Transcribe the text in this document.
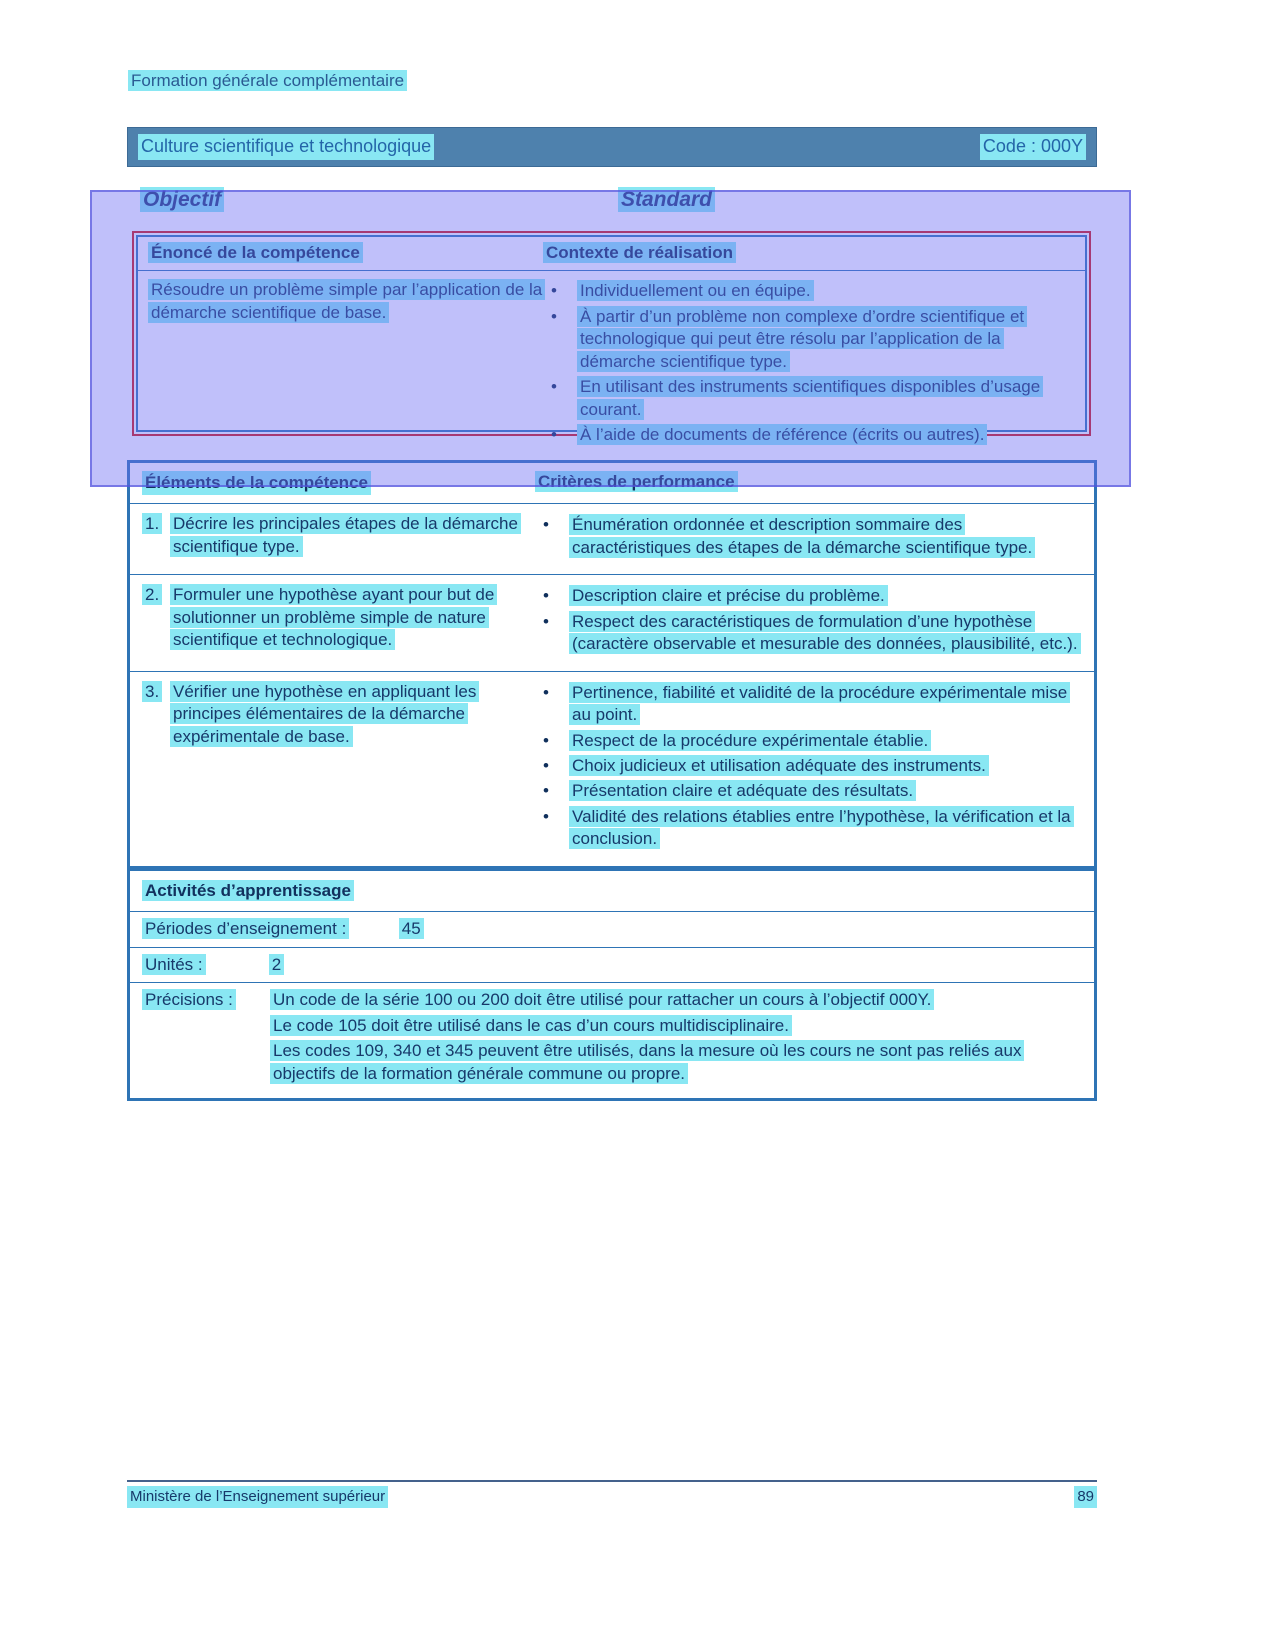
Formation générale complémentaire
Culture scientifique et technologique	Code : 000Y
Objectif	Standard
Énoncé de la compétence	Contexte de réalisation
Résoudre un problème simple par l’application de la démarche scientifique de base.
•	Individuellement ou en équipe.
•	À partir d’un problème non complexe d’ordre scientifique et technologique qui peut être résolu par l’application de la démarche scientifique type.
•	En utilisant des instruments scientifiques disponibles d’usage courant.
•	À l’aide de documents de référence (écrits ou autres).
Éléments de la compétence	Critères de performance
1. Décrire les principales étapes de la démarche scientifique type.
•	Énumération ordonnée et description sommaire des caractéristiques des étapes de la démarche scientifique type.
2. Formuler une hypothèse ayant pour but de solutionner un problème simple de nature scientifique et technologique.
•	Description claire et précise du problème.
•	Respect des caractéristiques de formulation d’une hypothèse (caractère observable et mesurable des données, plausibilité, etc.).
3. Vérifier une hypothèse en appliquant les principes élémentaires de la démarche expérimentale de base.
•	Pertinence, fiabilité et validité de la procédure expérimentale mise au point.
•	Respect de la procédure expérimentale établie.
•	Choix judicieux et utilisation adéquate des instruments.
•	Présentation claire et adéquate des résultats.
•	Validité des relations établies entre l’hypothèse, la vérification et la conclusion.
Activités d’apprentissage
Périodes d’enseignement :	45
Unités :	2
Précisions :	Un code de la série 100 ou 200 doit être utilisé pour rattacher un cours à l’objectif 000Y.
Le code 105 doit être utilisé dans le cas d’un cours multidisciplinaire.
Les codes 109, 340 et 345 peuvent être utilisés, dans la mesure où les cours ne sont pas reliés aux objectifs de la formation générale commune ou propre.
Ministère de l’Enseignement supérieur	89
